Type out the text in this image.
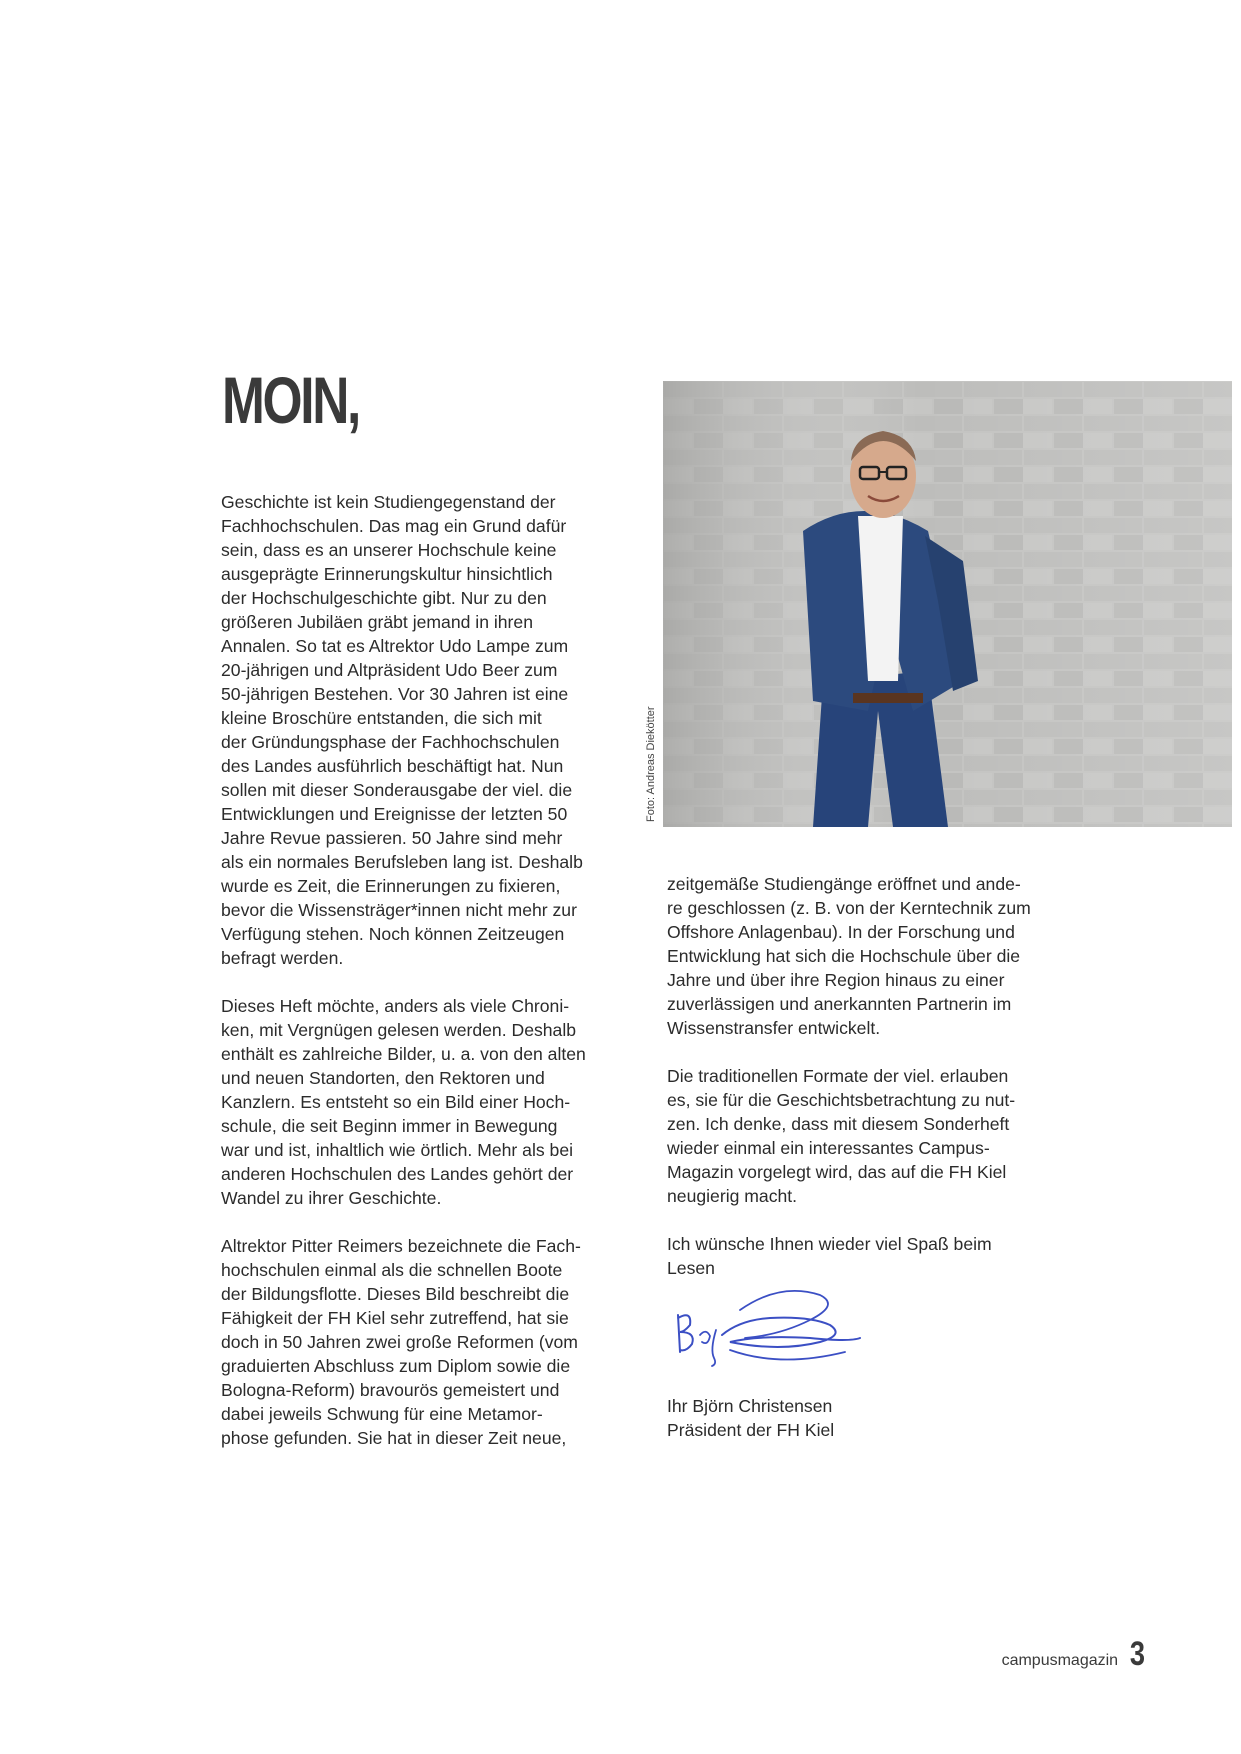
MOIN,

Geschichte ist kein Studiengegenstand der
Fachhochschulen. Das mag ein Grund dafür
sein, dass es an unserer Hochschule keine
ausgeprägte Erinnerungskultur hinsichtlich
der Hochschulgeschichte gibt. Nur zu den
größeren Jubiläen gräbt jemand in ihren
Annalen. So tat es Altrektor Udo Lampe zum
20-jährigen und Altpräsident Udo Beer zum
50-jährigen Bestehen. Vor 30 Jahren ist eine
kleine Broschüre entstanden, die sich mit
der Gründungsphase der Fachhochschulen
des Landes ausführlich beschäftigt hat. Nun
sollen mit dieser Sonderausgabe der viel. die
Entwicklungen und Ereignisse der letzten 50
Jahre Revue passieren. 50 Jahre sind mehr
als ein normales Berufsleben lang ist. Deshalb
wurde es Zeit, die Erinnerungen zu fixieren,
bevor die Wissensträger*innen nicht mehr zur
Verfügung stehen. Noch können Zeitzeugen
befragt werden.

Dieses Heft möchte, anders als viele Chroni-
ken, mit Vergnügen gelesen werden. Deshalb
enthält es zahlreiche Bilder, u. a. von den alten
und neuen Standorten, den Rektoren und
Kanzlern. Es entsteht so ein Bild einer Hoch-
schule, die seit Beginn immer in Bewegung
war und ist, inhaltlich wie örtlich. Mehr als bei
anderen Hochschulen des Landes gehört der
Wandel zu ihrer Geschichte.

Altrektor Pitter Reimers bezeichnete die Fach-
hochschulen einmal als die schnellen Boote
der Bildungsflotte. Dieses Bild beschreibt die
Fähigkeit der FH Kiel sehr zutreffend, hat sie
doch in 50 Jahren zwei große Reformen (vom
graduierten Abschluss zum Diplom sowie die
Bologna-Reform) bravourös gemeistert und
dabei jeweils Schwung für eine Metamor-
phose gefunden. Sie hat in dieser Zeit neue,

Foto: Andreas Diekötter

zeitgemäße Studiengänge eröffnet und ande-
re geschlossen (z. B. von der Kerntechnik zum
Offshore Anlagenbau). In der Forschung und
Entwicklung hat sich die Hochschule über die
Jahre und über ihre Region hinaus zu einer
zuverlässigen und anerkannten Partnerin im
Wissenstransfer entwickelt.

Die traditionellen Formate der viel. erlauben
es, sie für die Geschichtsbetrachtung zu nut-
zen. Ich denke, dass mit diesem Sonderheft
wieder einmal ein interessantes Campus-
Magazin vorgelegt wird, das auf die FH Kiel
neugierig macht.

Ich wünsche Ihnen wieder viel Spaß beim
Lesen

Ihr Björn Christensen
Präsident der FH Kiel
campusmagazin 3
